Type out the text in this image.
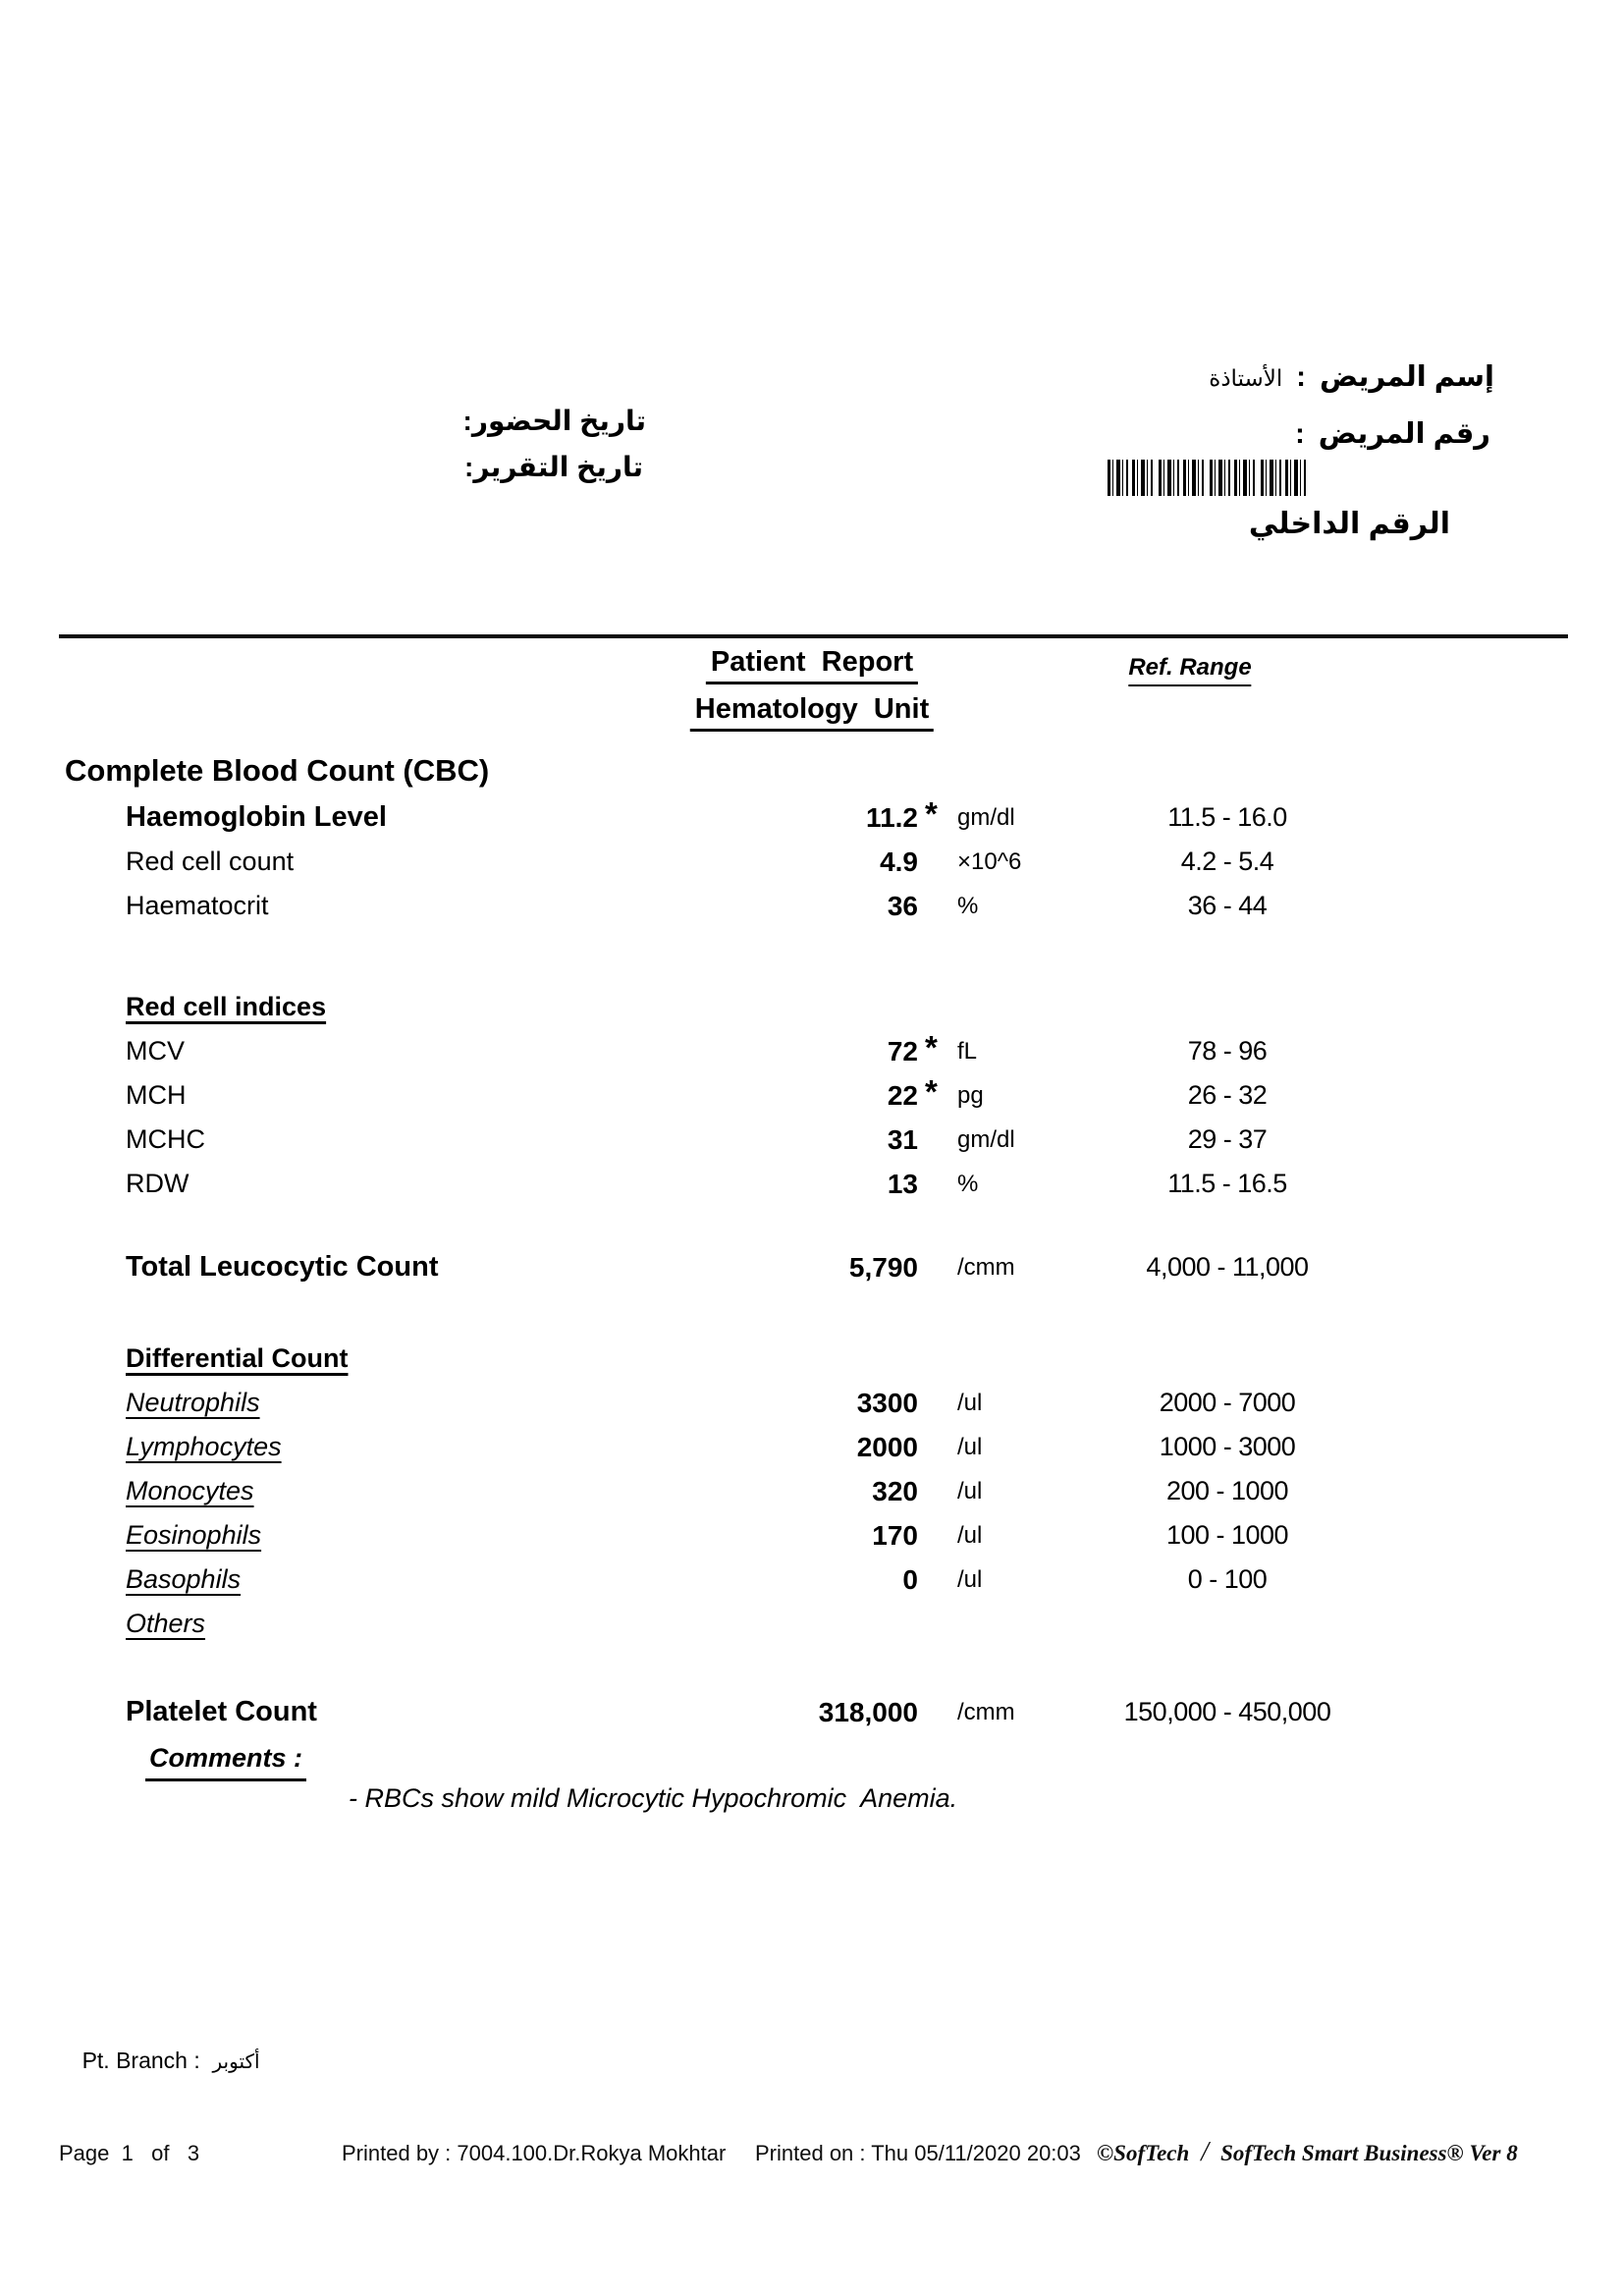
إسم المريض:الأستاذة
رقم المريض:
الرقم الداخلي
تاريخ الحضور:
تاريخ التقرير:
Patient  Report
Hematology  Unit
Ref. Range
Complete Blood Count (CBC)
Haemoglobin Level	11.2 * gm/dl	11.5 - 16.0
Red cell count	4.9 ×10^6	4.2 - 5.4
Haematocrit	36 %	36 - 44
Red cell indices
MCV	72 * fL	78 - 96
MCH	22 * pg	26 - 32
MCHC	31 gm/dl	29 - 37
RDW	13 %	11.5 - 16.5
Total Leucocytic Count	5,790 /cmm	4,000 - 11,000
Differential Count
Neutrophils	3300 /ul	2000 - 7000
Lymphocytes	2000 /ul	1000 - 3000
Monocytes	320 /ul	200 - 1000
Eosinophils	170 /ul	100 - 1000
Basophils	0 /ul	0 - 100
Others
Platelet Count	318,000 /cmm	150,000 - 450,000
Comments :
- RBCs show mild Microcytic Hypochromic  Anemia.

Pt. Branch :  أكتوبر

Page  1   of   3	Printed by : 7004.100.Dr.Rokya Mokhtar Printed on : Thu 05/11/2020 20:03 ©SofTech / SofTech Smart Business® Ver 8
